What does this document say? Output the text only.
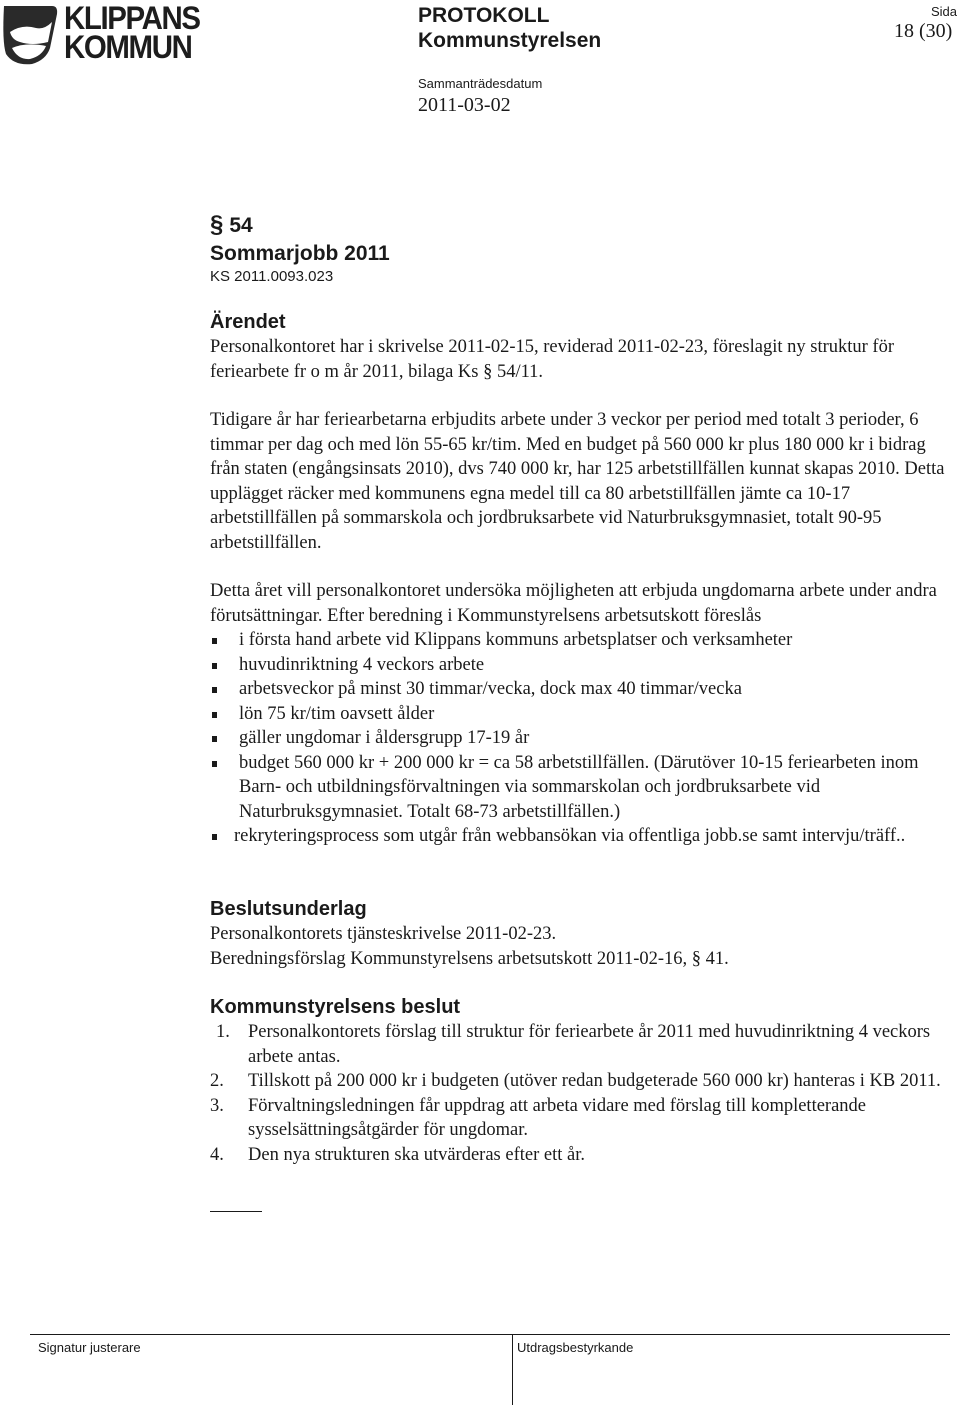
KLIPPANS
KOMMUN
PROTOKOLL
Kommunstyrelsen
Sammanträdesdatum
2011-03-02
Sida
18 (30)
§ 54
Sommarjobb 2011
KS 2011.0093.023
Ärendet

Personalkontoret har i skrivelse 2011-02-15, reviderad 2011-02-23, föreslagit ny struktur för feriearbete fr o m år 2011, bilaga Ks § 54/11.

Tidigare år har feriearbetarna erbjudits arbete under 3 veckor per period med totalt 3 perioder, 6 timmar per dag och med lön 55-65 kr/tim. Med en budget på 560 000 kr plus 180 000 kr i bidrag från staten (engångsinsats 2010), dvs 740 000 kr, har 125 arbetstillfällen kunnat skapas 2010. Detta upplägget räcker med kommunens egna medel till ca 80 arbetstillfällen jämte ca 10-17 arbetstillfällen på sommarskola och jordbruksarbete vid Naturbruksgymnasiet, totalt 90-95 arbetstillfällen.

Detta året vill personalkontoret undersöka möjligheten att erbjuda ungdomarna arbete under andra förutsättningar. Efter beredning i Kommunstyrelsens arbetsutskott föreslås

i första hand arbete vid Klippans kommuns arbetsplatser och verksamheter
huvudinriktning 4 veckors arbete
arbetsveckor på minst 30 timmar/vecka, dock max 40 timmar/vecka
lön 75 kr/tim oavsett ålder
gäller ungdomar i åldersgrupp 17-19 år
budget 560 000 kr + 200 000 kr = ca 58 arbetstillfällen. (Därutöver 10-15 feriearbeten inom Barn- och utbildningsförvaltningen via sommarskolan och jordbruksarbete vid Naturbruksgymnasiet. Totalt 68-73 arbetstillfällen.)
rekryteringsprocess som utgår från webbansökan via offentliga jobb.se samt intervju/träff..
Beslutsunderlag

Personalkontorets tjänsteskrivelse 2011-02-23.

Beredningsförslag Kommunstyrelsens arbetsutskott 2011-02-16, § 41.

Kommunstyrelsens beslut
1. Personalkontorets förslag till struktur för feriearbete år 2011 med huvudinriktning 4 veckors arbete antas.
2.	Tillskott på 200 000 kr i budgeten (utöver redan budgeterade 560 000 kr) hanteras i KB 2011.
3.	Förvaltningsledningen får uppdrag att arbeta vidare med förslag till kompletterande sysselsättningsåtgärder för ungdomar.
4.	Den nya strukturen ska utvärderas efter ett år.
Signatur justerare	Utdragsbestyrkande
